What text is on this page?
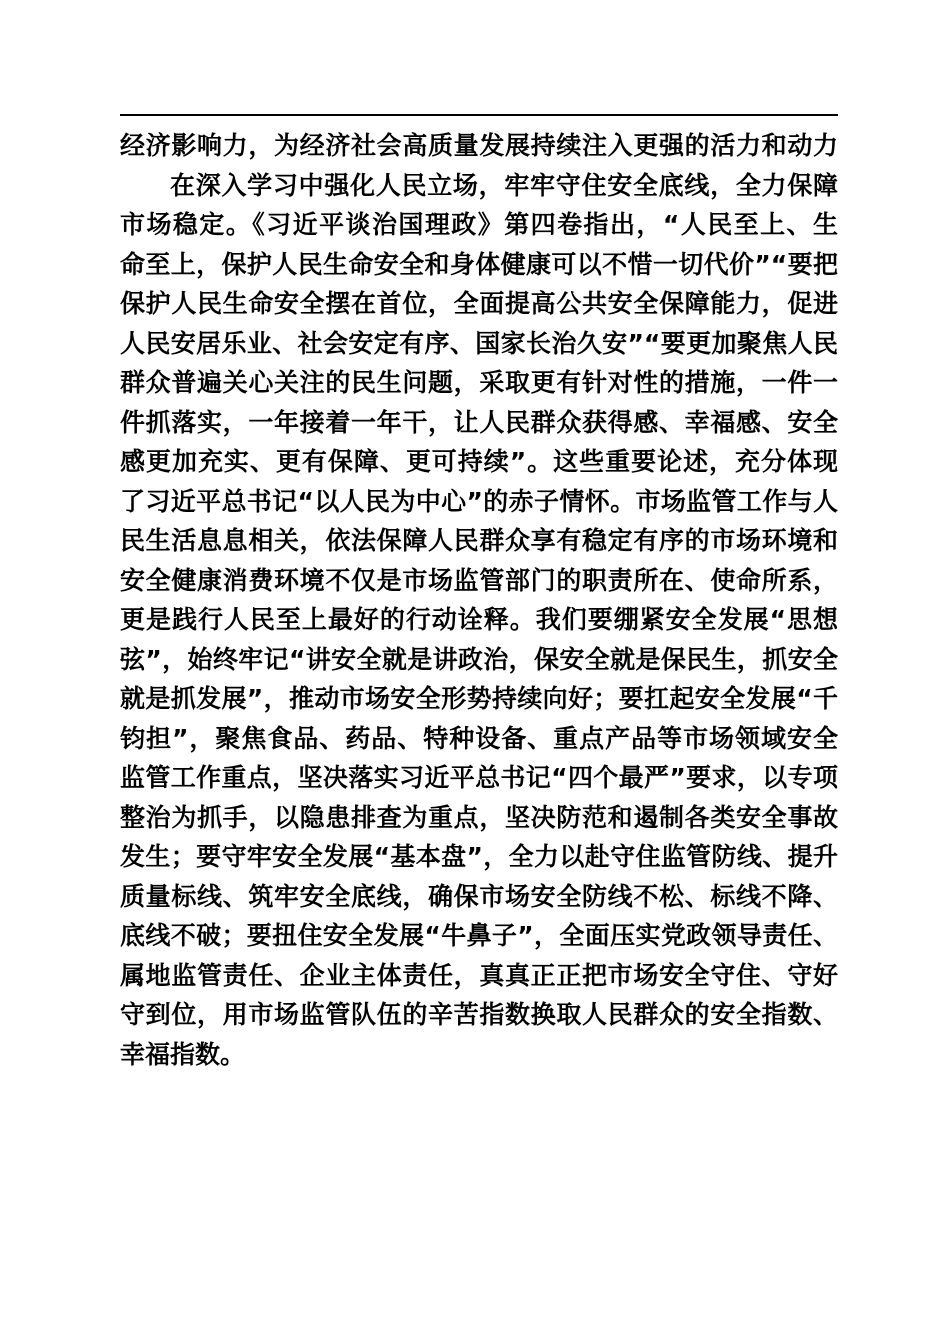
经济影响力，为经济社会高质量发展持续注入更强的活力和动力
在深入学习中强化人民立场，牢牢守住安全底线，全力保障
市场稳定。《习近平谈治国理政》第四卷指出，“人民至上、生
命至上，保护人民生命安全和身体健康可以不惜一切代价”“要把
保护人民生命安全摆在首位，全面提高公共安全保障能力，促进
人民安居乐业、社会安定有序、国家长治久安”“要更加聚焦人民
群众普遍关心关注的民生问题，采取更有针对性的措施，一件一
件抓落实，一年接着一年干，让人民群众获得感、幸福感、安全
感更加充实、更有保障、更可持续”。这些重要论述，充分体现
了习近平总书记“以人民为中心”的赤子情怀。市场监管工作与人
民生活息息相关，依法保障人民群众享有稳定有序的市场环境和
安全健康消费环境不仅是市场监管部门的职责所在、使命所系，
更是践行人民至上最好的行动诠释。我们要绷紧安全发展“思想
弦”，始终牢记“讲安全就是讲政治，保安全就是保民生，抓安全
就是抓发展”，推动市场安全形势持续向好；要扛起安全发展“千
钧担”，聚焦食品、药品、特种设备、重点产品等市场领域安全
监管工作重点，坚决落实习近平总书记“四个最严”要求，以专项
整治为抓手，以隐患排查为重点，坚决防范和遏制各类安全事故
发生；要守牢安全发展“基本盘”，全力以赴守住监管防线、提升
质量标线、筑牢安全底线，确保市场安全防线不松、标线不降、
底线不破；要扭住安全发展“牛鼻子”，全面压实党政领导责任、
属地监管责任、企业主体责任，真真正正把市场安全守住、守好
守到位，用市场监管队伍的辛苦指数换取人民群众的安全指数、
幸福指数。
